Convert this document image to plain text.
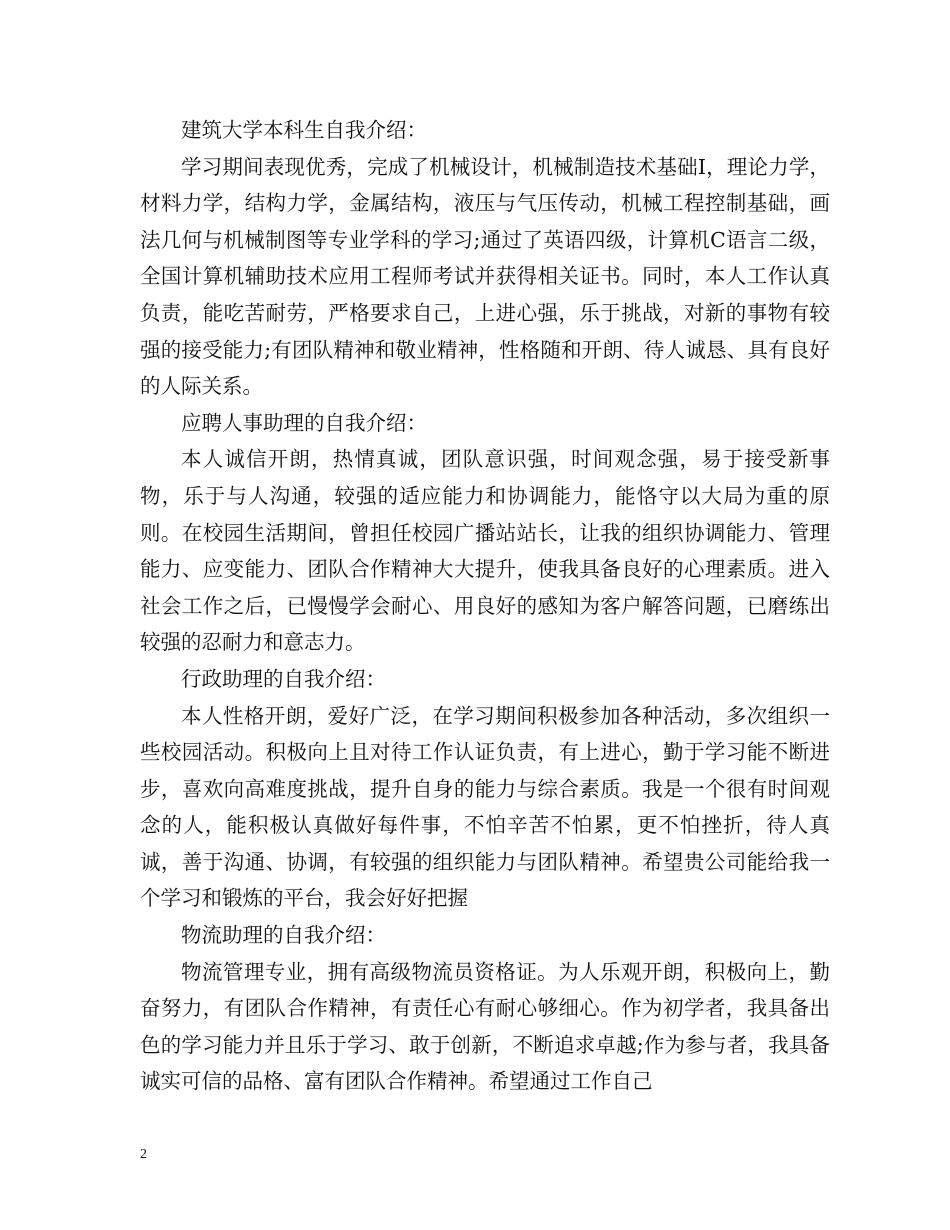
建筑大学本科生自我介绍：

学习期间表现优秀，完成了机械设计，机械制造技术基础Ⅰ，理论力学，材料力学，结构力学，金属结构，液压与气压传动，机械工程控制基础，画法几何与机械制图等专业学科的学习;通过了英语四级，计算机C语言二级，全国计算机辅助技术应用工程师考试并获得相关证书。同时，本人工作认真负责，能吃苦耐劳，严格要求自己，上进心强，乐于挑战，对新的事物有较强的接受能力;有团队精神和敬业精神，性格随和开朗、待人诚恳、具有良好的人际关系。

应聘人事助理的自我介绍：

本人诚信开朗，热情真诚，团队意识强，时间观念强，易于接受新事物，乐于与人沟通，较强的适应能力和协调能力，能恪守以大局为重的原则。在校园生活期间，曾担任校园广播站站长，让我的组织协调能力、管理能力、应变能力、团队合作精神大大提升，使我具备良好的心理素质。进入社会工作之后，已慢慢学会耐心、用良好的感知为客户解答问题，已磨练出较强的忍耐力和意志力。

行政助理的自我介绍：

本人性格开朗，爱好广泛，在学习期间积极参加各种活动，多次组织一些校园活动。积极向上且对待工作认证负责，有上进心，勤于学习能不断进步，喜欢向高难度挑战，提升自身的能力与综合素质。我是一个很有时间观念的人，能积极认真做好每件事，不怕辛苦不怕累，更不怕挫折，待人真诚，善于沟通、协调，有较强的组织能力与团队精神。希望贵公司能给我一个学习和锻炼的平台，我会好好把握

物流助理的自我介绍：

物流管理专业，拥有高级物流员资格证。为人乐观开朗，积极向上，勤奋努力，有团队合作精神，有责任心有耐心够细心。作为初学者，我具备出色的学习能力并且乐于学习、敢于创新，不断追求卓越;作为参与者，我具备诚实可信的品格、富有团队合作精神。希望通过工作自己

2
